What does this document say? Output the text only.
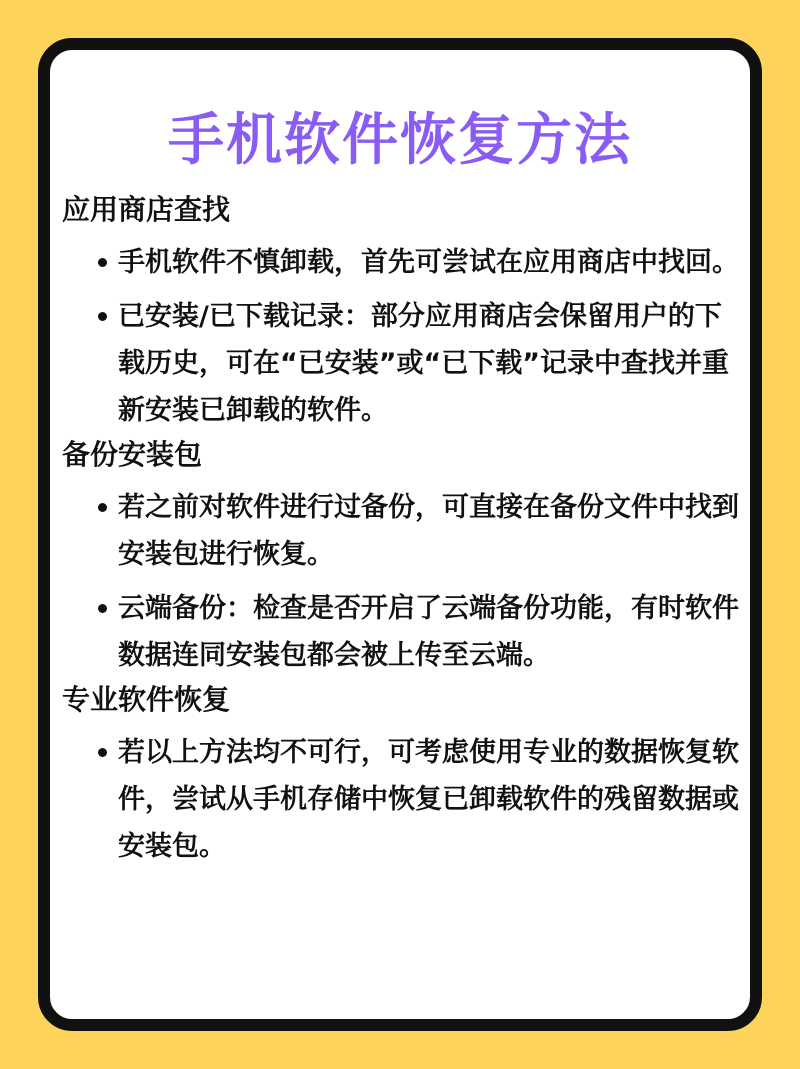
手机软件恢复方法
应用商店查找
手机软件不慎卸载，首先可尝试在应用商店中找回。
已安装/已下载记录：部分应用商店会保留用户的下载历史，可在“已安装”或“已下载”记录中查找并重新安装已卸载的软件。
备份安装包
若之前对软件进行过备份，可直接在备份文件中找到安装包进行恢复。
云端备份：检查是否开启了云端备份功能，有时软件数据连同安装包都会被上传至云端。
专业软件恢复
若以上方法均不可行，可考虑使用专业的数据恢复软件，尝试从手机存储中恢复已卸载软件的残留数据或安装包。
